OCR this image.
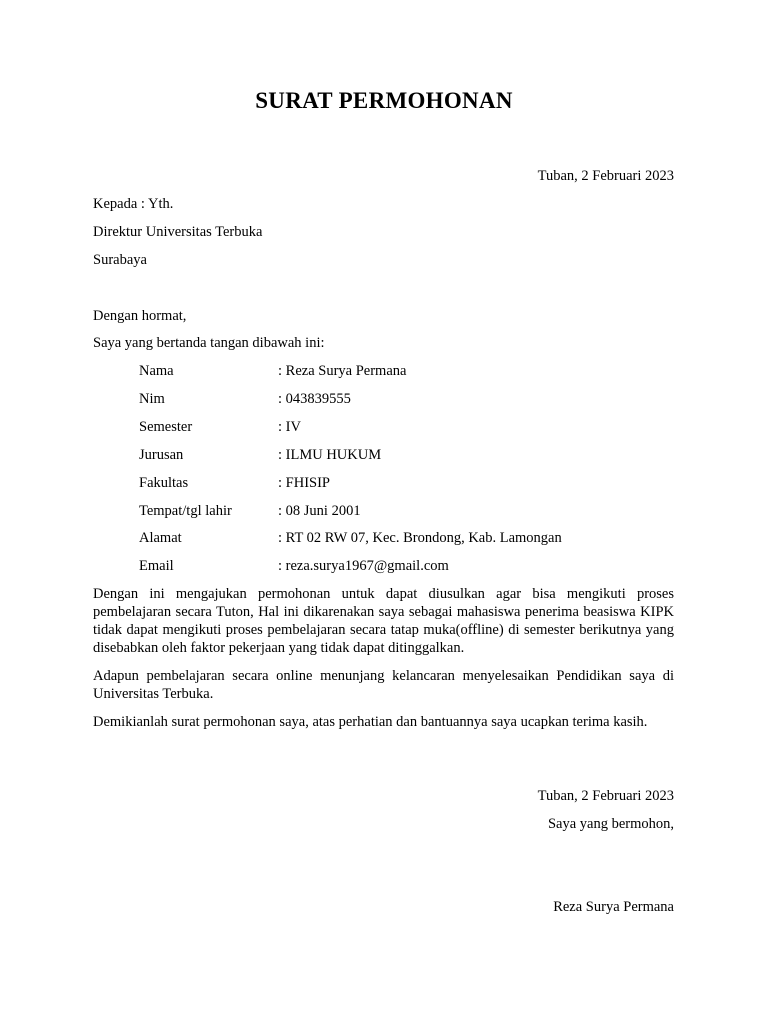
SURAT PERMOHONAN
Tuban, 2 Februari 2023
Kepada : Yth.
Direktur Universitas Terbuka
Surabaya
Dengan hormat,
Saya yang bertanda tangan dibawah ini:
Nama	: Reza Surya Permana
Nim	: 043839555
Semester	: IV
Jurusan	: ILMU HUKUM
Fakultas	: FHISIP
Tempat/tgl lahir	: 08 Juni 2001
Alamat	: RT 02 RW 07, Kec. Brondong, Kab. Lamongan
Email	: reza.surya1967@gmail.com
Dengan ini mengajukan permohonan untuk dapat diusulkan agar bisa mengikuti proses pembelajaran secara Tuton, Hal ini dikarenakan saya sebagai mahasiswa penerima beasiswa KIPK tidak dapat mengikuti proses pembelajaran secara tatap muka(offline) di semester berikutnya yang disebabkan oleh faktor pekerjaan yang tidak dapat ditinggalkan.
Adapun pembelajaran secara online menunjang kelancaran menyelesaikan Pendidikan saya di Universitas Terbuka.
Demikianlah surat permohonan saya, atas perhatian dan bantuannya saya ucapkan terima kasih.
Tuban, 2 Februari 2023
Saya yang bermohon,
Reza Surya Permana
